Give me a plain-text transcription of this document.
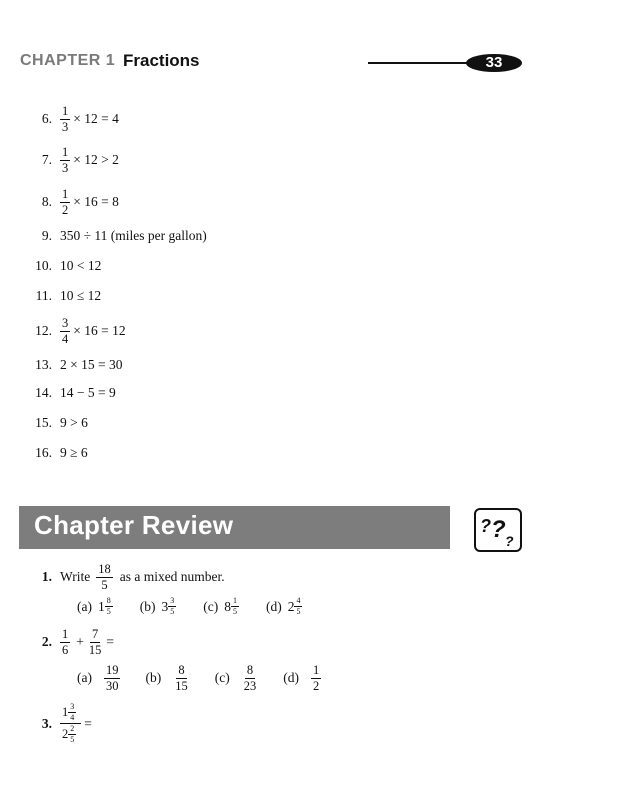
CHAPTER 1 Fractions	33
6. $\frac{1}{3} \times 12 = 4$
7. $\frac{1}{3} \times 12 > 2$
8. $\frac{1}{2} \times 16 = 8$
9. 350 ÷ 11 (miles per gallon)
10. 10 < 12
11. 10 ≤ 12
12. $\frac{3}{4} \times 16 = 12$
13. 2 × 15 = 30
14. 14 − 5 = 9
15. 9 > 6
16. 9 ≥ 6
Chapter Review	? ? ?
1. Write $\frac{18}{5}$ as a mixed number.
(a) $1 \frac{8}{5} (b)$ $3 \frac{3}{5} (c)$ $8 \frac{1}{5} (d)$ $2 \frac{4}{5}$
2. $\frac{1}{6} + \frac{7}{15}$ =
$(a) \frac{19}{30} (b) \frac{8}{15} (c) \frac{8}{23} (d) \frac{1}{2}$
3. $\frac{1 \frac{3}{4}}{2 \frac{2}{5}}$ =
